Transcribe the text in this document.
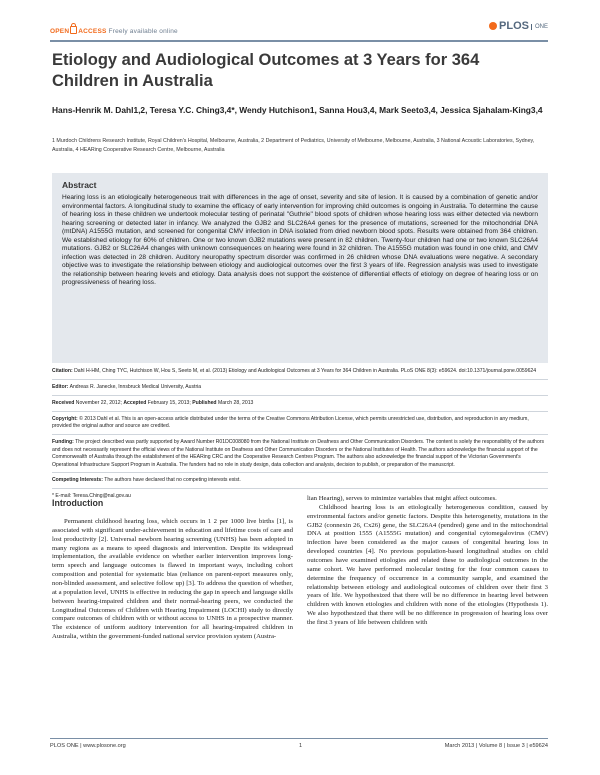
OPEN ACCESS Freely available online	PLOS ONE
Etiology and Audiological Outcomes at 3 Years for 364 Children in Australia
Hans-Henrik M. Dahl1,2, Teresa Y.C. Ching3,4*, Wendy Hutchison1, Sanna Hou3,4, Mark Seeto3,4, Jessica Sjahalam-King3,4
1 Murdoch Childrens Research Institute, Royal Children's Hospital, Melbourne, Australia, 2 Department of Pediatrics, University of Melbourne, Melbourne, Australia, 3 National Acoustic Laboratories, Sydney, Australia, 4 HEARing Cooperative Research Centre, Melbourne, Australia
Abstract

Hearing loss is an etiologically heterogeneous trait with differences in the age of onset, severity and site of lesion. It is caused by a combination of genetic and/or environmental factors. A longitudinal study to examine the efficacy of early intervention for improving child outcomes is ongoing in Australia. To determine the cause of hearing loss in these children we undertook molecular testing of perinatal "Guthrie" blood spots of children whose hearing loss was either detected via newborn hearing screening or detected later in infancy. We analyzed the GJB2 and SLC26A4 genes for the presence of mutations, screened for the mitochondrial DNA (mtDNA) A1555G mutation, and screened for congenital CMV infection in DNA isolated from dried newborn blood spots. Results were obtained from 364 children. We established etiology for 60% of children. One or two known GJB2 mutations were present in 82 children. Twenty-four children had one or two known SLC26A4 mutations. GJB2 or SLC26A4 changes with unknown consequences on hearing were found in 32 children. The A1555G mutation was found in one child, and CMV infection was detected in 28 children. Auditory neuropathy spectrum disorder was confirmed in 26 children whose DNA evaluations were negative. A secondary objective was to investigate the relationship between etiology and audiological outcomes over the first 3 years of life. Regression analysis was used to investigate the relationship between hearing levels and etiology. Data analysis does not support the existence of differential effects of etiology on degree of hearing loss or on progressiveness of hearing loss.

Citation: Dahl H-HM, Ching TYC, Hutchison W, Hou S, Seeto M, et al. (2013) Etiology and Audiological Outcomes at 3 Years for 364 Children in Australia. PLoS ONE 8(3): e59624. doi:10.1371/journal.pone.0059624

Editor: Andreas R. Janecke, Innsbruck Medical University, Austria

Received November 22, 2012; Accepted February 15, 2013; Published March 28, 2013

Copyright: © 2013 Dahl et al. This is an open-access article distributed under the terms of the Creative Commons Attribution License, which permits unrestricted use, distribution, and reproduction in any medium, provided the original author and source are credited.

Funding: The project described was partly supported by Award Number R01DC008080 from the National Institute on Deafness and Other Communication Disorders. The content is solely the responsibility of the authors and does not necessarily represent the official views of the National Institute on Deafness and Other Communication Disorders or the National Institutes of Health. The authors acknowledge the financial support of the Commonwealth of Australia through the establishment of the HEARing CRC and the Cooperative Research Centres Program. The authors also acknowledge the financial support of the Victorian Government's Operational Infrastructure Support Program in Australia. The funders had no role in study design, data collection and analysis, decision to publish, or preparation of the manuscript.

Competing Interests: The authors have declared that no competing interests exist.

* E-mail: Teresa.Ching@nal.gov.au

Introduction

Permanent childhood hearing loss, which occurs in 1 2 per 1000 live births [1], is associated with significant under-achievement in education and lifetime costs of care and lost productivity [2]. Universal newborn hearing screening (UNHS) has been adopted in many regions as a means to speed diagnosis and intervention. Despite its widespread implementation, the available evidence on whether earlier intervention improves long-term speech and language outcomes is flawed in important ways, including cohort composition and potential for systematic bias (reliance on parent-report measures only, non-blinded assessment, and selective follow up) [3]. To address the question of whether, at a population level, UNHS is effective in reducing the gap in speech and language skills between hearing-impaired children and their normal-hearing peers, we conducted the Longitudinal Outcomes of Children with Hearing Impairment (LOCHI) study to directly compare outcomes of children with or without access to UNHS in a prospective manner. The existence of uniform auditory intervention for all hearing-impaired children in Australia, within the government-funded national service provision system (Austra-

lian Hearing), serves to minimize variables that might affect outcomes.

Childhood hearing loss is an etiologically heterogeneous condition, caused by environmental factors and/or genetic factors. Despite this heterogeneity, mutations in the GJB2 (connexin 26, Cx26) gene, the SLC26A4 (pendred) gene and in the mitochondrial DNA at position 1555 (A1555G mutation) and congenital cytomegalovirus (CMV) infection have been considered as the major causes of congenital hearing loss in developed countries [4]. No previous population-based longitudinal studies on child outcomes have examined etiologies and related these to audiological outcomes in the same cohort. We have performed molecular testing for the four common causes to determine the frequency of occurrence in a community sample, and examined the relationship between etiology and audiological outcomes of children over their first 3 years of life. We hypothesized that there will be no difference in hearing level between children with known etiologies and children with none of the etiologies (Hypothesis 1). We also hypothesized that there will be no difference in progression of hearing loss over the first 3 years of life between children with

PLOS ONE | www.plosone.org	1	March 2013 | Volume 8 | Issue 3 | e59624
